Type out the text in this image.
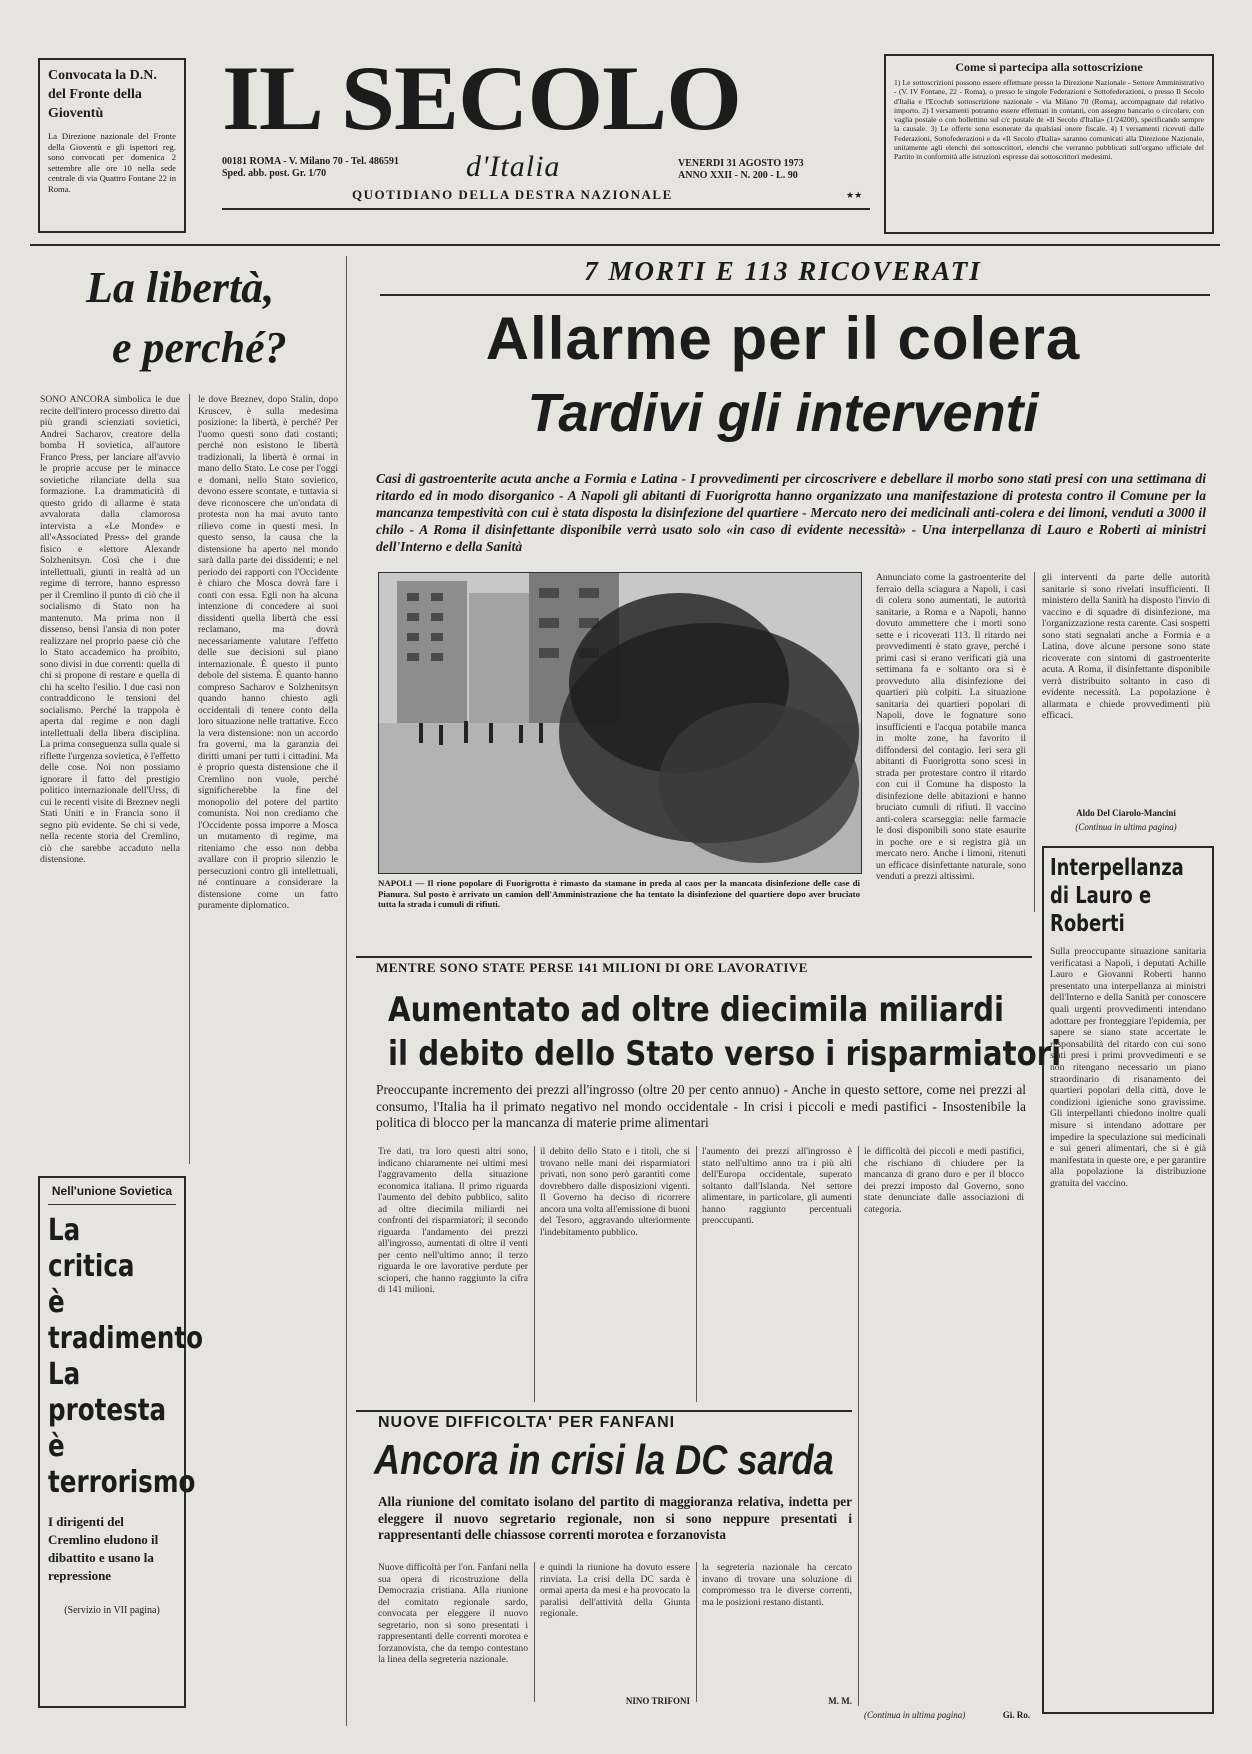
Convocata la D.N. del Fronte della Gioventù
La Direzione nazionale del Fronte della Gioventù e gli ispettori reg. sono convocati per domenica 2 settembre alle ore 10 nella sede centrale di via Quattro Fontane 22 in Roma.
IL SECOLO
00181 ROMA - V. Milano 70 - Tel. 486591
Sped. abb. post. Gr. 1/70	d'Italia	VENERDI 31 AGOSTO 1973
ANNO XXII - N. 200 - L. 90
QUOTIDIANO DELLA DESTRA NAZIONALE	★★
Come si partecipa alla sottoscrizione
1) Le sottoscrizioni possono essere effettuate presso la Direzione Nazionale - Settore Amministrativo - (V. IV Fontane, 22 - Roma), o presso le singole Federazioni e Sottofederazioni, o presso Il Secolo d'Italia e l'Ecoclub sottoscrizione nazionale - via Milano 70 (Roma), accompagnate dal relativo importo. 2) I versamenti potranno essere effettuati in contanti, con assegno bancario o circolare, con vaglia postale o con bollettino sul c/c postale de «Il Secolo d'Italia» (1/24200), specificando sempre la causale. 3) Le offerte sono esonerate da qualsiasi onere fiscale. 4) I versamenti ricevuti dalle Federazioni, Sottofederazioni e da «Il Secolo d'Italia» saranno comunicati alla Direzione Nazionale, unitamente agli elenchi dei sottoscrittori, elenchi che verranno pubblicati sull'organo ufficiale del Partito in conformità alle istruzioni espresse dai sottoscrittori medesimi.
La libertà,
e perché?
SONO ANCORA simbolica le due recite dell'intero processo diretto dai più grandi scienziati sovietici, Andrei Sacharov, creatore della bomba H sovietica, all'autore Franco Press, per lanciare all'avvio le proprie accuse per le minacce sovietiche rilanciate della sua formazione. La drammaticità di questo grido di allarme è stata avvalorata dalla clamorosa intervista a «Le Monde» e all'«Associated Press» del grande fisico e «lettore Alexandr Solzhenitsyn. Così che i due intellettuali, giunti in realtà ad un regime di terrore, hanno espresso per il Cremlino il punto di ciò che il socialismo di Stato non ha mantenuto. Ma prima non il dissenso, bensì l'ansia di non poter realizzare nel proprio paese ciò che lo Stato accademico ha proibito, sono divisi in due correnti: quella di chi si propone di restare e quella di chi ha scelto l'esilio. I due casi non contraddicono le tensioni del socialismo. Perché la trappola è aperta dal regime e non dagli intellettuali della libera disciplina. La prima conseguenza sulla quale si riflette l'urgenza sovietica, è l'effetto delle cose. Noi non possiamo ignorare il fatto del prestigio politico internazionale dell'Urss, di cui le recenti visite di Breznev negli Stati Uniti e in Francia sono il segno più evidente. Se chi si vede, nella recente storia del Cremlino, ciò che sarebbe accaduto nella distensione.
le dove Breznev, dopo Stalin, dopo Kruscev, è sulla medesima posizione: la libertà, è perché? Per l'uomo questi sono dati costanti; perché non esistono le libertà tradizionali, la libertà è ormai in mano dello Stato. Le cose per l'oggi e domani, nello Stato sovietico, devono essere scontate, e tuttavia si deve riconoscere che un'ondata di protesta non ha mai avuto tanto rilievo come in questi mesi. In questo senso, la causa che la distensione ha aperto nel mondo sarà dalla parte dei dissidenti; e nel periodo dei rapporti con l'Occidente è chiaro che Mosca dovrà fare i conti con essa. Egli non ha alcuna intenzione di concedere ai suoi dissidenti quella libertà che essi reclamano, ma dovrà necessariamente valutare l'effetto delle sue decisioni sul piano internazionale. È questo il punto debole del sistema. È quanto hanno compreso Sacharov e Solzhenitsyn quando hanno chiesto agli occidentali di tenere conto della loro situazione nelle trattative. Ecco la vera distensione: non un accordo fra governi, ma la garanzia dei diritti umani per tutti i cittadini. Ma è proprio questa distensione che il Cremlino non vuole, perché significherebbe la fine del monopolio del potere del partito comunista. Noi non crediamo che l'Occidente possa imporre a Mosca un mutamento di regime, ma riteniamo che esso non debba avallare con il proprio silenzio le persecuzioni contro gli intellettuali, né continuare a considerare la distensione come un fatto puramente diplomatico.
Nell'unione Sovietica
La critica
è tradimento
La protesta
è terrorismo
I dirigenti del Cremlino eludono il dibattito e usano la repressione
(Servizio in VII pagina)
7 MORTI E 113 RICOVERATI
Allarme per il colera
Tardivi gli interventi
Casi di gastroenterite acuta anche a Formia e Latina - I provvedimenti per circoscrivere e debellare il morbo sono stati presi con una settimana di ritardo ed in modo disorganico - A Napoli gli abitanti di Fuorigrotta hanno organizzato una manifestazione di protesta contro il Comune per la mancanza tempestività con cui è stata disposta la disinfezione del quartiere - Mercato nero dei medicinali anti-colera e dei limoni, venduti a 3000 il chilo - A Roma il disinfettante disponibile verrà usato solo «in caso di evidente necessità» - Una interpellanza di Lauro e Roberti ai ministri dell'Interno e della Sanità
NAPOLI — Il rione popolare di Fuorigrotta è rimasto da stamane in preda al caos per la mancata disinfezione delle case di Pianura. Sul posto è arrivato un camion dell'Amministrazione che ha tentato la disinfezione del quartiere dopo aver bruciato tutta la strada i cumuli di rifiuti.
Annunciato come la gastroenterite del ferraio della sciagura a Napoli, i casi di colera sono aumentati, le autorità sanitarie, a Roma e a Napoli, hanno dovuto ammettere che i morti sono sette e i ricoverati 113. Il ritardo nei provvedimenti è stato grave, perché i primi casi si erano verificati già una settimana fa e soltanto ora si è provveduto alla disinfezione dei quartieri più colpiti. La situazione sanitaria dei quartieri popolari di Napoli, dove le fognature sono insufficienti e l'acqua potabile manca in molte zone, ha favorito il diffondersi del contagio. Ieri sera gli abitanti di Fuorigrotta sono scesi in strada per protestare contro il ritardo con cui il Comune ha disposto la disinfezione delle abitazioni e hanno bruciato cumuli di rifiuti. Il vaccino anti-colera scarseggia: nelle farmacie le dosi disponibili sono state esaurite in poche ore e si registra già un mercato nero. Anche i limoni, ritenuti un efficace disinfettante naturale, sono venduti a prezzi altissimi.
gli interventi da parte delle autorità sanitarie si sono rivelati insufficienti. Il ministero della Sanità ha disposto l'invio di vaccino e di squadre di disinfezione, ma l'organizzazione resta carente. Casi sospetti sono stati segnalati anche a Formia e a Latina, dove alcune persone sono state ricoverate con sintomi di gastroenterite acuta. A Roma, il disinfettante disponibile verrà distribuito soltanto in caso di evidente necessità. La popolazione è allarmata e chiede provvedimenti più efficaci.
Aldo Del Ciarolo-Mancini
(Continua in ultima pagina)
Interpellanza di Lauro e Roberti
Sulla preoccupante situazione sanitaria verificatasi a Napoli, i deputati Achille Lauro e Giovanni Roberti hanno presentato una interpellanza ai ministri dell'Interno e della Sanità per conoscere quali urgenti provvedimenti intendano adottare per fronteggiare l'epidemia, per sapere se siano state accertate le responsabilità del ritardo con cui sono stati presi i primi provvedimenti e se non ritengano necessario un piano straordinario di risanamento dei quartieri popolari della città, dove le condizioni igieniche sono gravissime. Gli interpellanti chiedono inoltre quali misure si intendano adottare per impedire la speculazione sui medicinali e sui generi alimentari, che si è già manifestata in queste ore, e per garantire alla popolazione la distribuzione gratuita del vaccino.
MENTRE SONO STATE PERSE 141 MILIONI DI ORE LAVORATIVE
Aumentato ad oltre diecimila miliardi
il debito dello Stato verso i risparmiatori
Preoccupante incremento dei prezzi all'ingrosso (oltre 20 per cento annuo) - Anche in questo settore, come nei prezzi al consumo, l'Italia ha il primato negativo nel mondo occidentale - In crisi i piccoli e medi pastifici - Insostenibile la politica di blocco per la mancanza di materie prime alimentari
Tre dati, tra loro questi altri sono, indicano chiaramente nei ultimi mesi l'aggravamento della situazione economica italiana. Il primo riguarda l'aumento del debito pubblico, salito ad oltre diecimila miliardi nei confronti dei risparmiatori; il secondo riguarda l'andamento dei prezzi all'ingrosso, aumentati di oltre il venti per cento nell'ultimo anno; il terzo riguarda le ore lavorative perdute per scioperi, che hanno raggiunto la cifra di 141 milioni.
il debito dello Stato e i titoli, che si trovano nelle mani dei risparmiatori privati, non sono però garantiti come dovrebbero dalle disposizioni vigenti. Il Governo ha deciso di ricorrere ancora una volta all'emissione di buoni del Tesoro, aggravando ulteriormente l'indebitamento pubblico.
l'aumento dei prezzi all'ingrosso è stato nell'ultimo anno tra i più alti dell'Europa occidentale, superato soltanto dall'Islanda. Nel settore alimentare, in particolare, gli aumenti hanno raggiunto percentuali preoccupanti.
le difficoltà dei piccoli e medi pastifici, che rischiano di chiudere per la mancanza di grano duro e per il blocco dei prezzi imposto dal Governo, sono state denunciate dalle associazioni di categoria.
NUOVE DIFFICOLTA' PER FANFANI
Ancora in crisi la DC sarda
Alla riunione del comitato isolano del partito di maggioranza relativa, indetta per eleggere il nuovo segretario regionale, non si sono neppure presentati i rappresentanti delle chiassose correnti morotea e forzanovista
Nuove difficoltà per l'on. Fanfani nella sua opera di ricostruzione della Democrazia cristiana. Alla riunione del comitato regionale sardo, convocata per eleggere il nuovo segretario, non si sono presentati i rappresentanti delle correnti morotea e forzanovista, che da tempo contestano la linea della segreteria nazionale.
e quindi la riunione ha dovuto essere rinviata. La crisi della DC sarda è ormai aperta da mesi e ha provocato la paralisi dell'attività della Giunta regionale.
la segreteria nazionale ha cercato invano di trovare una soluzione di compromesso tra le diverse correnti, ma le posizioni restano distanti.
NINO TRIFONI	M. M.
(Continua in ultima pagina)	Gi. Ro.
